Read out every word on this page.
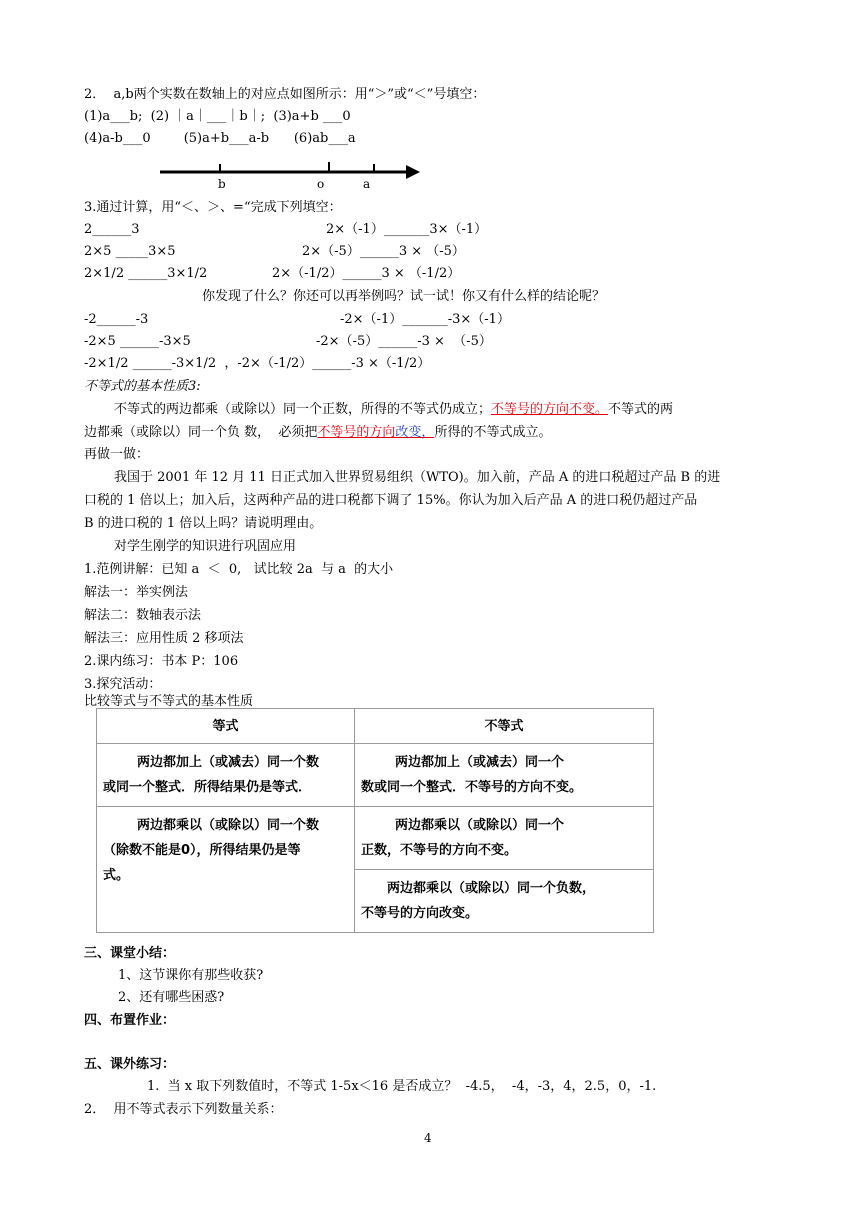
2．  a,b两个实数在数轴上的对应点如图所示：用“＞”或“＜”号填空：
(1)a___b;  (2) ｜a｜___｜b｜;  (3)a+b ___0
(4)a-b___0        (5)a+b___a-b      (6)ab___a
b	o	a
3.通过计算，用“＜、＞、=“完成下列填空：
2______3	2×（-1）_______3×（-1）
2×5 _____3×5	2×（-5）______3 × （-5）
2×1/2 ______3×1/2	2×（-1/2）______3 × （-1/2）
你发现了什么？你还可以再举例吗？试一试！你又有什么样的结论呢？
-2______-3	-2×（-1）_______-3×（-1）
-2×5 ______-3×5	-2×（-5）______-3 ×  （-5）
-2×1/2 ______-3×1/2  ，-2×（-1/2）______-3 ×（-1/2）
不等式的基本性质3:
不等式的两边都乘（或除以）同一个正数，所得的不等式仍成立；不等号的方向不变。不等式的两
边都乘（或除以）同一个负 数，  必须把不等号的方向改变，所得的不等式成立。
再做一做：
我国于 2001 年 12 月 11 日正式加入世界贸易组织（WTO)。加入前，产品 A 的进口税超过产品 B 的进
口税的 1 倍以上；加入后，这两种产品的进口税都下调了 15%。你认为加入后产品 A 的进口税仍超过产品
B 的进口税的 1 倍以上吗？请说明理由。
对学生刚学的知识进行巩固应用
1.范例讲解：已知 a  ＜  0,   试比较 2a  与 a  的大小
解法一：举实例法
解法二：数轴表示法
解法三：应用性质 2 移项法
2.课内练习：书本 P：106
3.探究活动：
比较等式与不等式的基本性质
等式	不等式
两边都加上（或减去）同一个数
或同一个整式．所得结果仍是等式．	两边都加上（或减去）同一个
数或同一个整式．不等号的方向不变。
两边都乘以（或除以）同一个数
（除数不能是0），所得结果仍是等
式。	两边都乘以（或除以）同一个
正数，不等号的方向不变。
	两边都乘以（或除以）同一个负数，
不等号的方向改变。
三、课堂小结：
1、这节课你有那些收获?
2、还有哪些困惑?
四、布置作业：
五、课外练习：
1.  当 x 取下列数值时，不等式 1-5x＜16 是否成立？  -4.5，  -4，-3，4，2.5，0，-1.
2．  用不等式表示下列数量关系：
4
